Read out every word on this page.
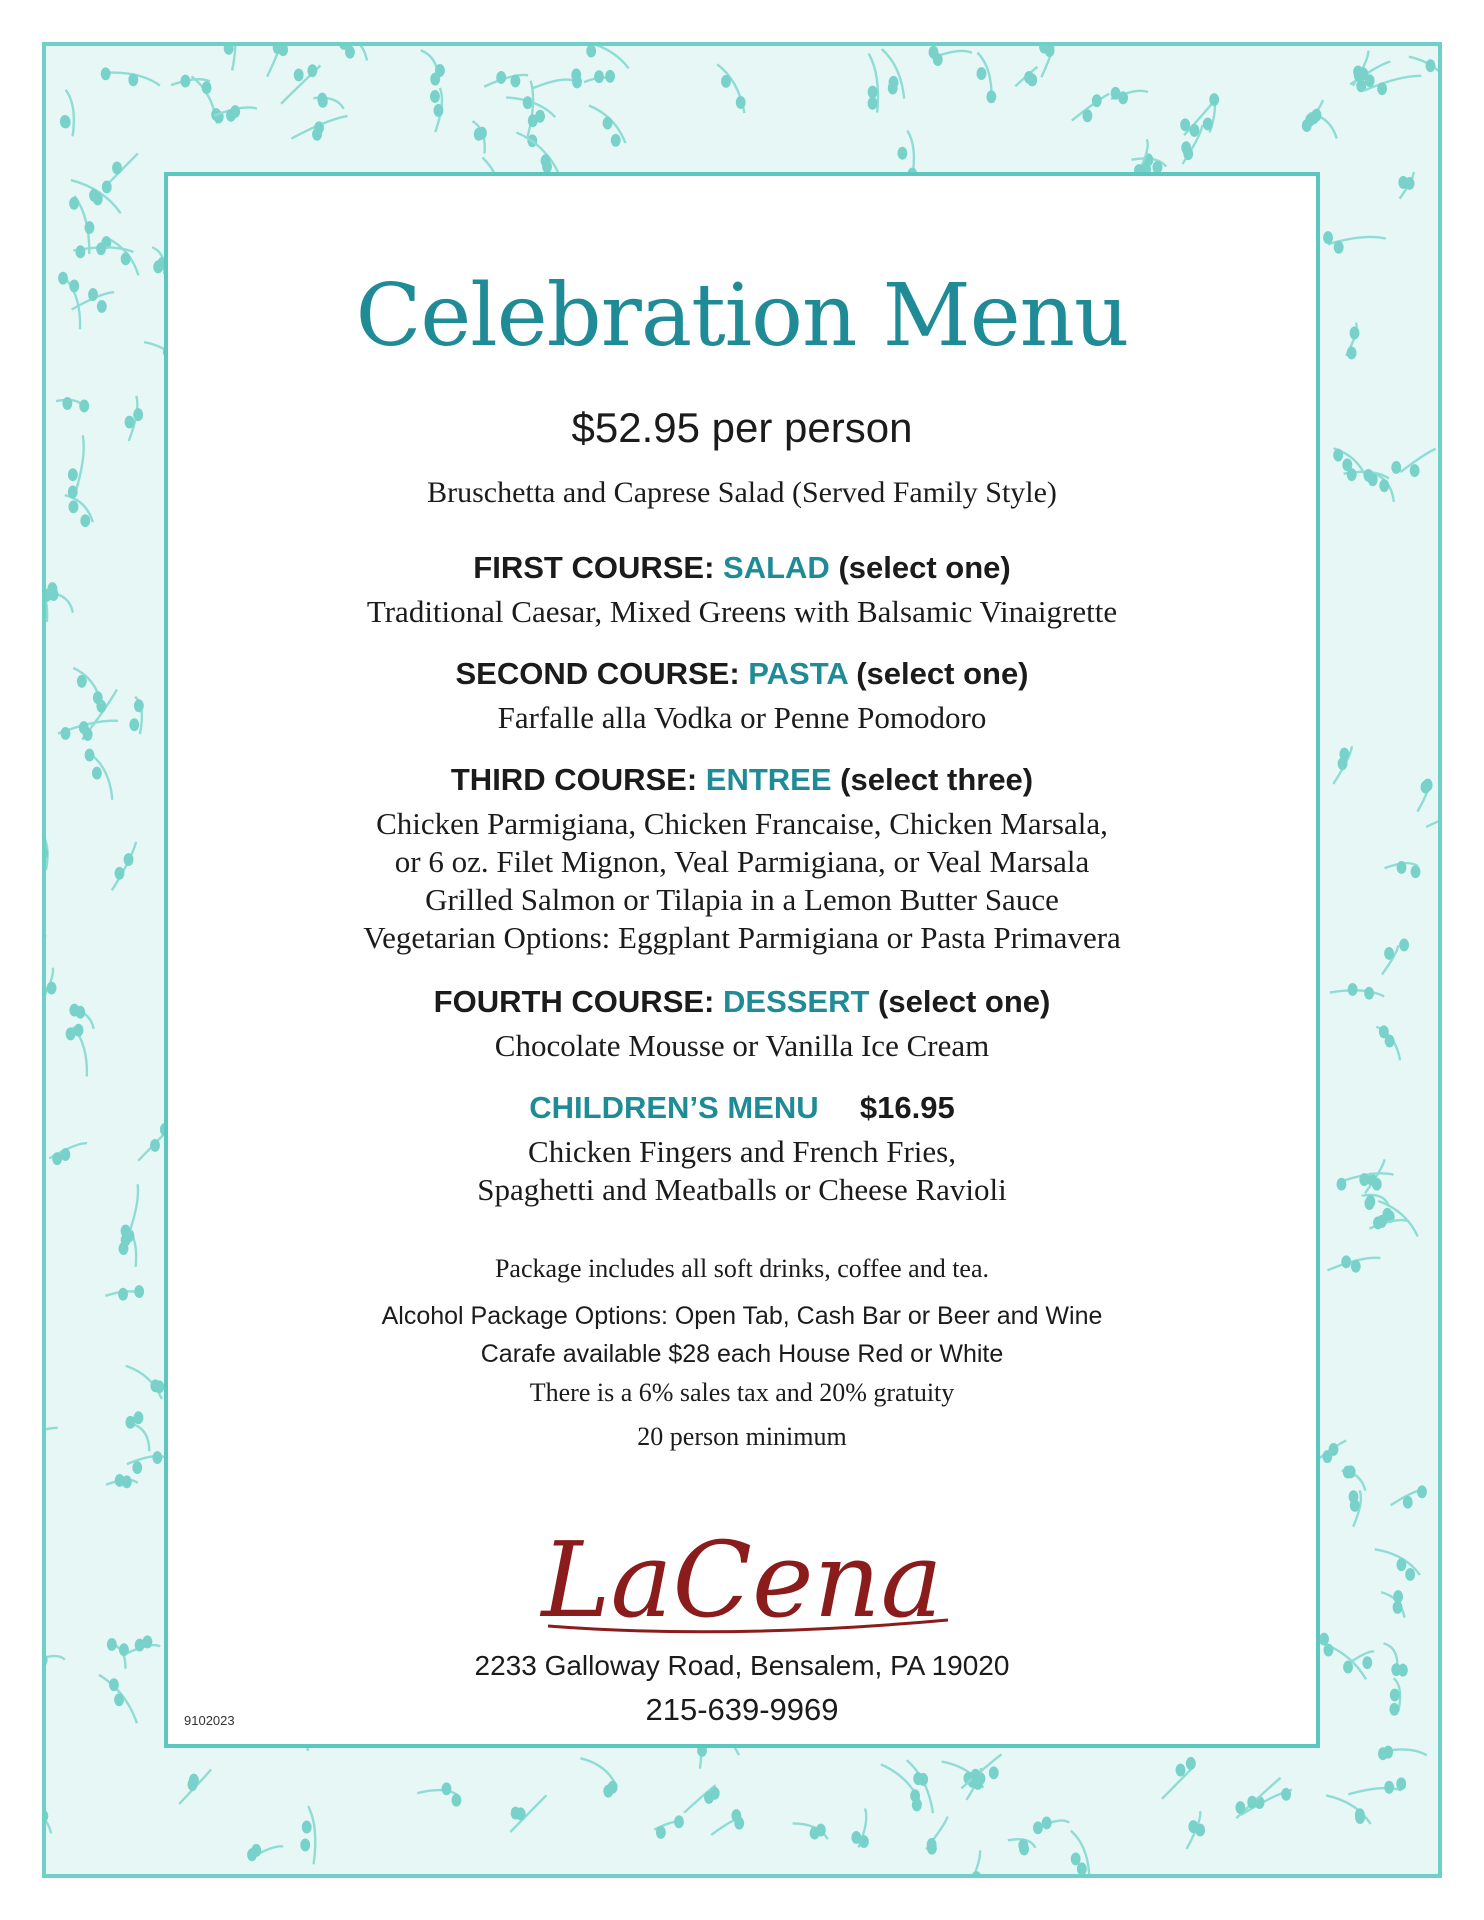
Celebration Menu
$52.95 per person
Bruschetta and Caprese Salad (Served Family Style)
FIRST COURSE: SALAD (select one)
Traditional Caesar, Mixed Greens with Balsamic Vinaigrette
SECOND COURSE: PASTA (select one)
Farfalle alla Vodka or Penne Pomodoro
THIRD COURSE: ENTREE (select three)
Chicken Parmigiana, Chicken Francaise, Chicken Marsala,
or 6 oz. Filet Mignon, Veal Parmigiana, or Veal Marsala
Grilled Salmon or Tilapia in a Lemon Butter Sauce
Vegetarian Options: Eggplant Parmigiana or Pasta Primavera
FOURTH COURSE: DESSERT (select one)
Chocolate Mousse or Vanilla Ice Cream
CHILDREN’S MENU $16.95
Chicken Fingers and French Fries,
Spaghetti and Meatballs or Cheese Ravioli
Package includes all soft drinks, coffee and tea.
Alcohol Package Options: Open Tab, Cash Bar or Beer and Wine
Carafe available $28 each House Red or White
There is a 6% sales tax and 20% gratuity
20 person minimum
LaCena
2233 Galloway Road, Bensalem, PA 19020
215-639-9969
9102023
